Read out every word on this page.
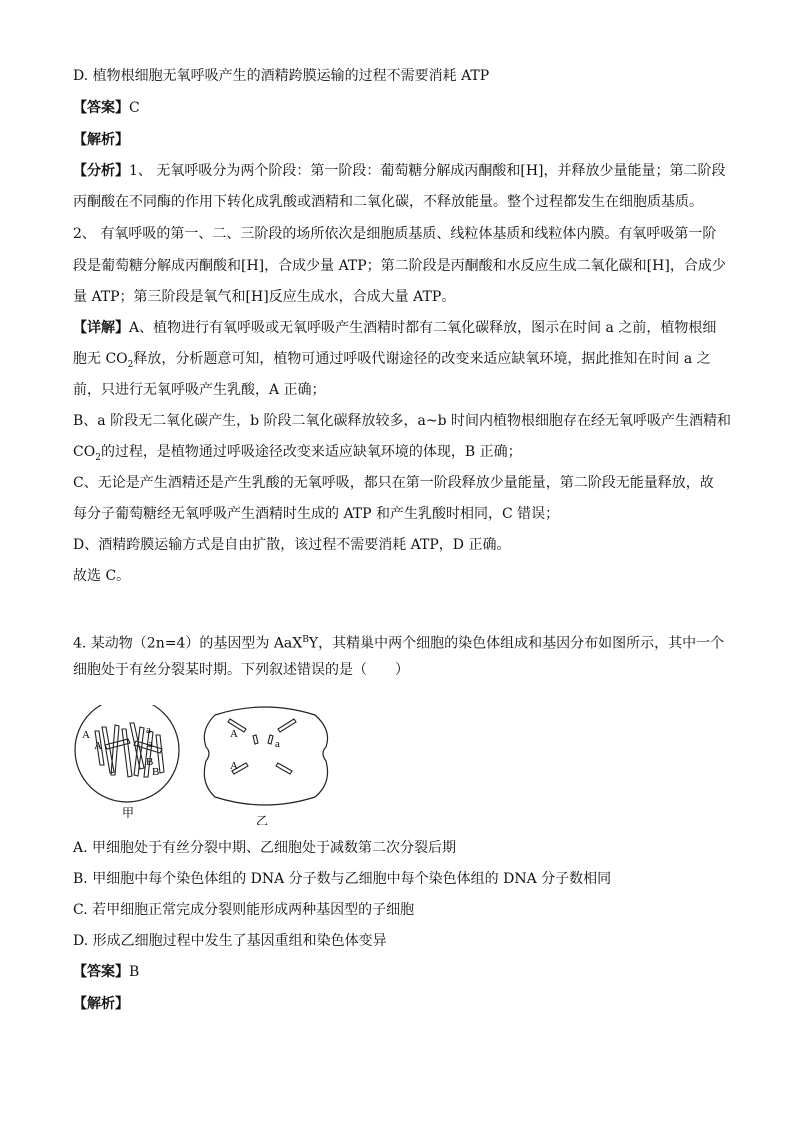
D. 植物根细胞无氧呼吸产生的酒精跨膜运输的过程不需要消耗 ATP
【答案】C
【解析】
【分析】1、 无氧呼吸分为两个阶段：第一阶段：葡萄糖分解成丙酮酸和[H]，并释放少量能量；第二阶段
丙酮酸在不同酶的作用下转化成乳酸或酒精和二氧化碳，不释放能量。整个过程都发生在细胞质基质。
2、 有氧呼吸的第一、二、三阶段的场所依次是细胞质基质、线粒体基质和线粒体内膜。有氧呼吸第一阶
段是葡萄糖分解成丙酮酸和[H]，合成少量 ATP；第二阶段是丙酮酸和水反应生成二氧化碳和[H]，合成少
量 ATP；第三阶段是氧气和[H]反应生成水，合成大量 ATP。
【详解】A、植物进行有氧呼吸或无氧呼吸产生酒精时都有二氧化碳释放，图示在时间 a 之前，植物根细
胞无 $CO_2$释放，分析题意可知，植物可通过呼吸代谢途径的改变来适应缺氧环境，据此推知在时间 a 之
前，只进行无氧呼吸产生乳酸，A 正确；
B、a 阶段无二氧化碳产生，b 阶段二氧化碳释放较多，a~b 时间内植物根细胞存在经无氧呼吸产生酒精和
$CO_2$的过程，是植物通过呼吸途径改变来适应缺氧环境的体现，B 正确；
C、无论是产生酒精还是产生乳酸的无氧呼吸，都只在第一阶段释放少量能量，第二阶段无能量释放，故
每分子葡萄糖经无氧呼吸产生酒精时生成的 ATP 和产生乳酸时相同，C 错误；
D、酒精跨膜运输方式是自由扩散，该过程不需要消耗 ATP，D 正确。
故选 C。
4. 某动物（2n=4）的基因型为 AaX$^B$Y，其精巢中两个细胞的染色体组成和基因分布如图所示，其中一个
细胞处于有丝分裂某时期。下列叙述错误的是（　　）
A
A
a
a
B
B
甲
A
a
A
乙
A. 甲细胞处于有丝分裂中期、乙细胞处于减数第二次分裂后期
B. 甲细胞中每个染色体组的 DNA 分子数与乙细胞中每个染色体组的 DNA 分子数相同
C. 若甲细胞正常完成分裂则能形成两种基因型的子细胞
D. 形成乙细胞过程中发生了基因重组和染色体变异
【答案】B
【解析】
